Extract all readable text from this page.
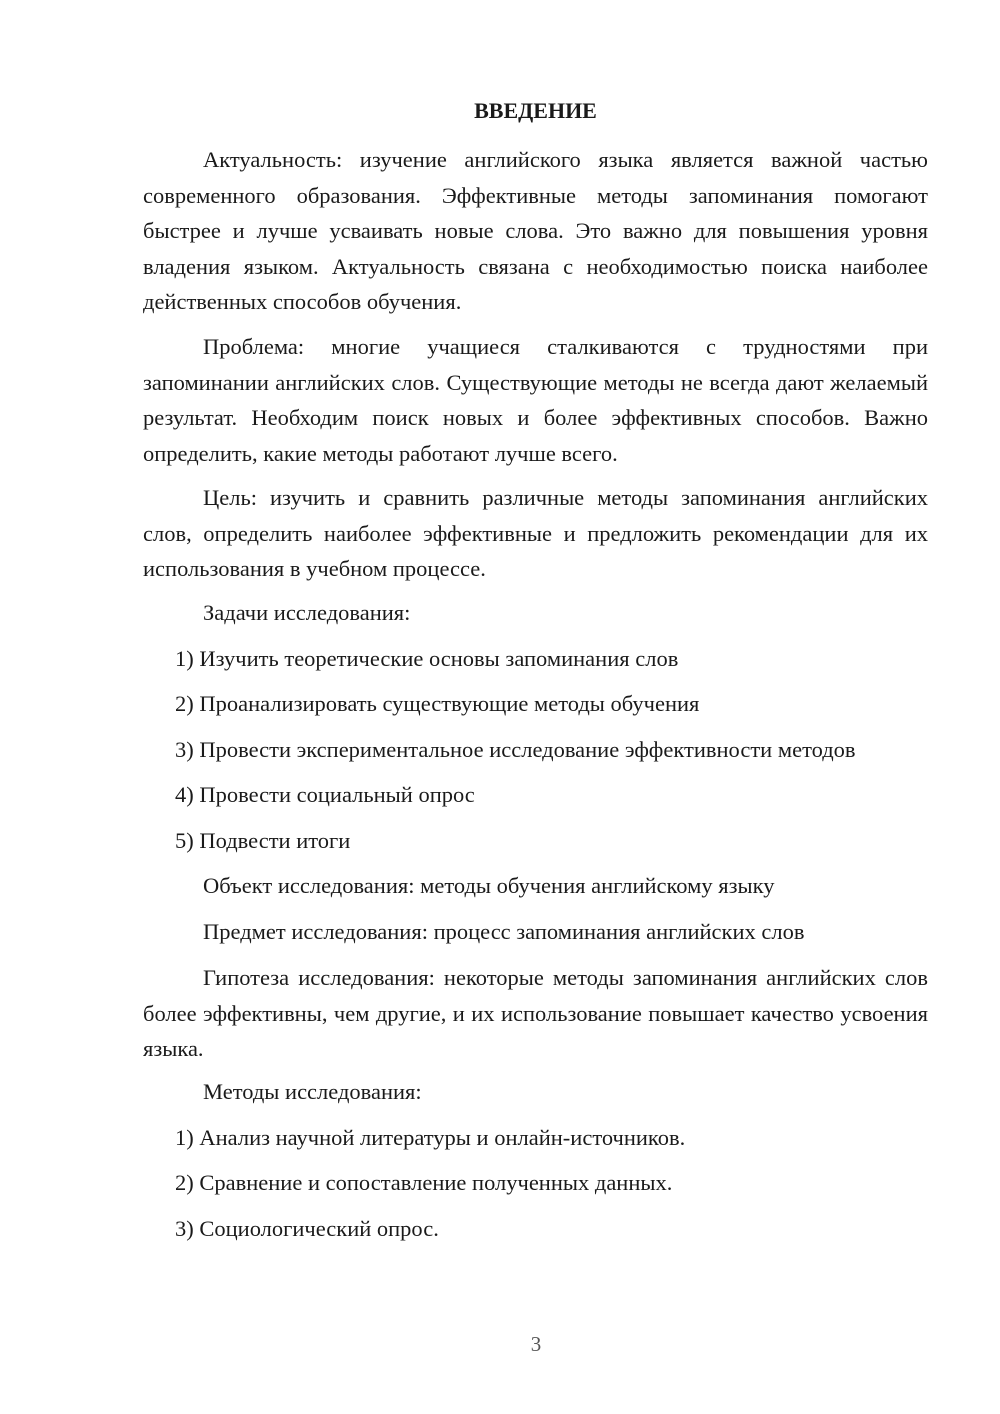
ВВЕДЕНИЕ

Актуальность: изучение английского языка является важной частью современного образования. Эффективные методы запоминания помогают быстрее и лучше усваивать новые слова. Это важно для повышения уровня владения языком. Актуальность связана с необходимостью поиска наиболее действенных способов обучения.

Проблема: многие учащиеся сталкиваются с трудностями при запоминании английских слов. Существующие методы не всегда дают желаемый результат. Необходим поиск новых и более эффективных способов. Важно определить, какие методы работают лучше всего.

Цель: изучить и сравнить различные методы запоминания английских слов, определить наиболее эффективные и предложить рекомендации для их использования в учебном процессе.

Задачи исследования:

1) Изучить теоретические основы запоминания слов

2) Проанализировать существующие методы обучения

3) Провести экспериментальное исследование эффективности методов

4) Провести социальный опрос

5) Подвести итоги

Объект исследования: методы обучения английскому языку

Предмет исследования: процесс запоминания английских слов

Гипотеза исследования: некоторые методы запоминания английских слов более эффективны, чем другие, и их использование повышает качество усвоения языка.

Методы исследования:

1) Анализ научной литературы и онлайн-источников.

2) Сравнение и сопоставление полученных данных.

3) Социологический опрос.

3
